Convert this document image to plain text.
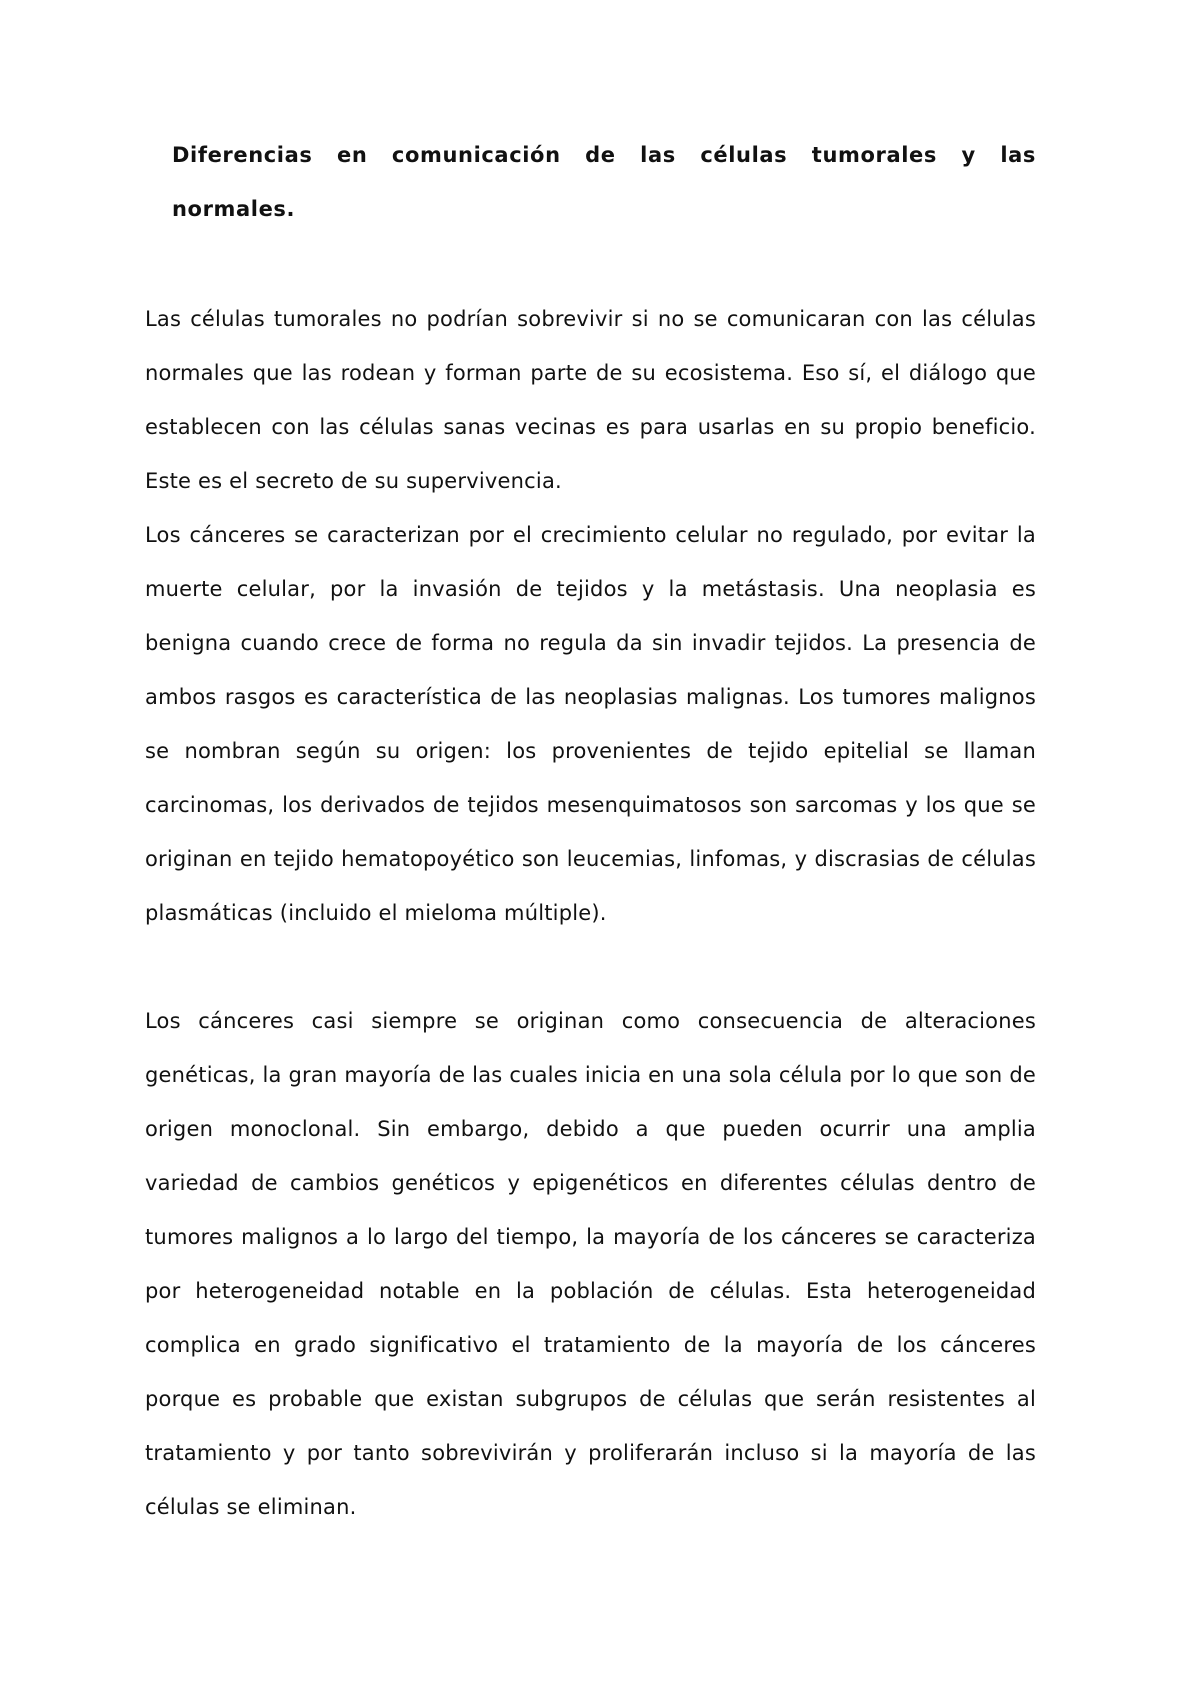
Diferencias en comunicación de las células tumorales y las normales.

Las células tumorales no podrían sobrevivir si no se comunicaran con las células normales que las rodean y forman parte de su ecosistema. Eso sí, el diálogo que establecen con las células sanas vecinas es para usarlas en su propio beneficio. Este es el secreto de su supervivencia.

Los cánceres se caracterizan por el crecimiento celular no regulado, por evitar la muerte celular, por la invasión de tejidos y la metástasis. Una neoplasia es benigna cuando crece de forma no regula da sin invadir tejidos. La presencia de ambos rasgos es característica de las neoplasias malignas. Los tumores malignos se nombran según su origen: los provenientes de tejido epitelial se llaman carcinomas, los derivados de tejidos mesenquimatosos son sarcomas y los que se originan en tejido hematopoyético son leucemias, linfomas, y discrasias de células plasmáticas (incluido el mieloma múltiple).

Los cánceres casi siempre se originan como consecuencia de alteraciones genéticas, la gran mayoría de las cuales inicia en una sola célula por lo que son de origen monoclonal. Sin embargo, debido a que pueden ocurrir una amplia variedad de cambios genéticos y epigenéticos en diferentes células dentro de tumores malignos a lo largo del tiempo, la mayoría de los cánceres se caracteriza por heterogeneidad notable en la población de células. Esta heterogeneidad complica en grado significativo el tratamiento de la mayoría de los cánceres porque es probable que existan subgrupos de células que serán resistentes al tratamiento y por tanto sobrevivirán y proliferarán incluso si la mayoría de las células se eliminan.
